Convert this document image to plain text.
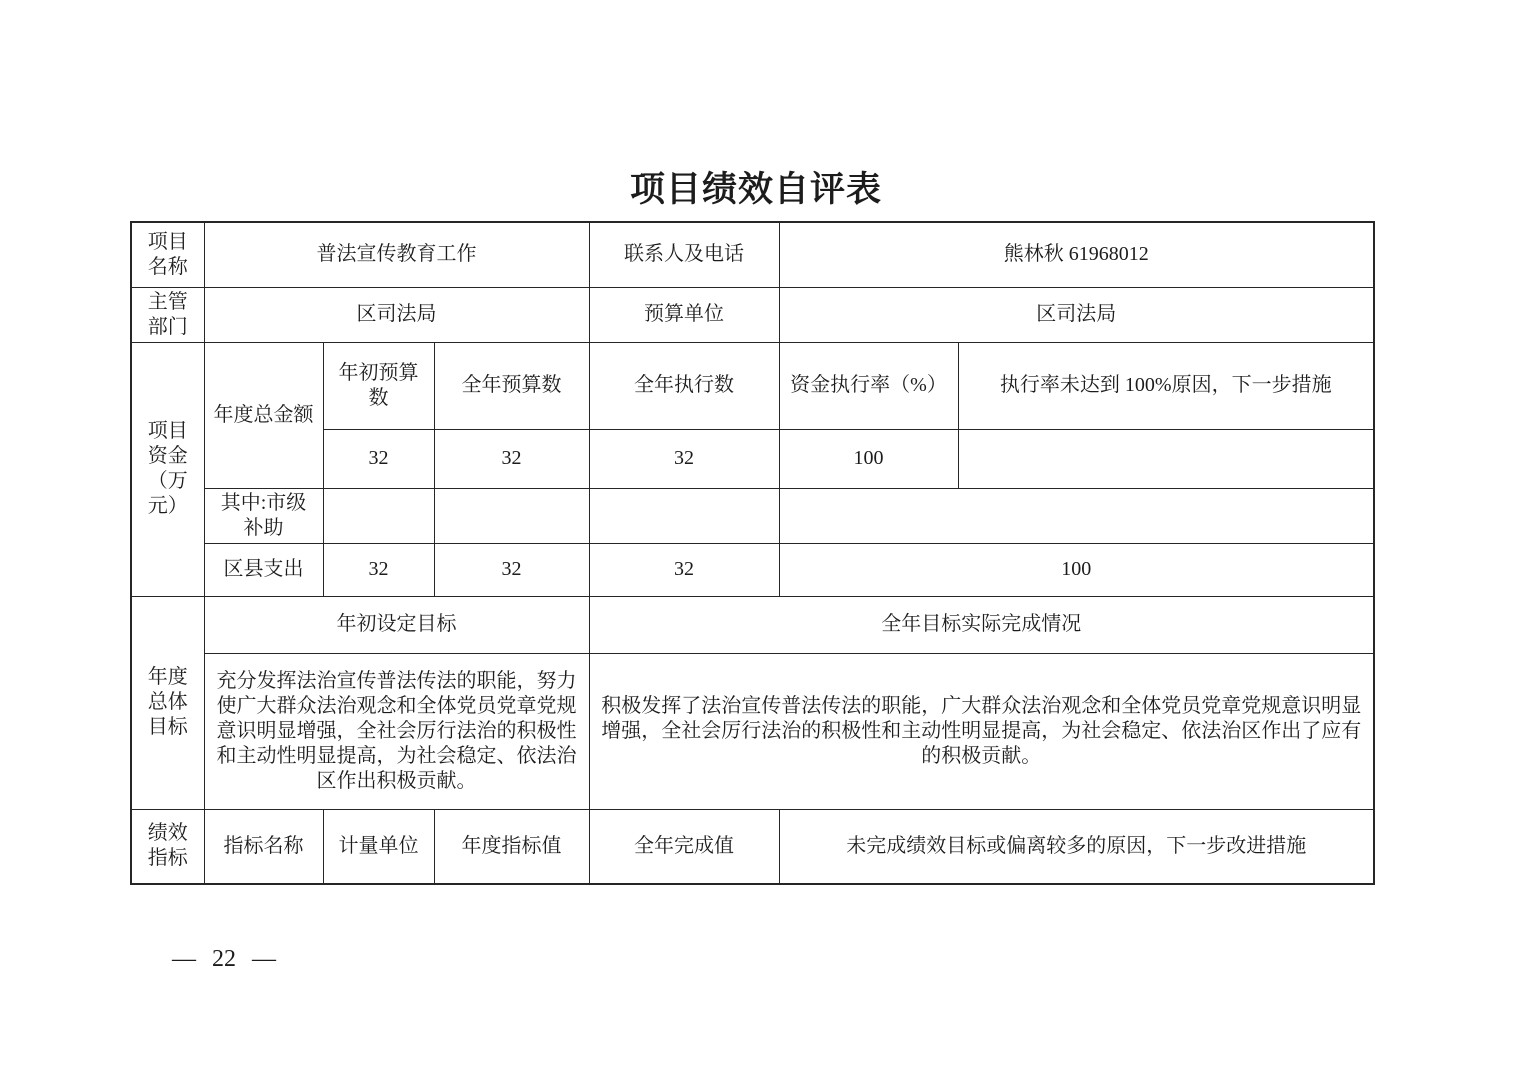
项目绩效自评表
项目名称	普法宣传教育工作			联系人及电话	熊林秋 61968012	
主管部门	区司法局			预算单位	区司法局	
项目资金（万元）	年度总金额	年初预算数	全年预算数	全年执行数	资金执行率（%）	执行率未达到 100%原因，下一步措施
		32	32	32	100	
	其中:市级补助					
	区县支出	32	32	32	100	
年度总体目标	年初设定目标			全年目标实际完成情况		
	充分发挥法治宣传普法传法的职能，努力使广大群众法治观念和全体党员党章党规意识明显增强，全社会厉行法治的积极性和主动性明显提高，为社会稳定、依法治区作出积极贡献。			积极发挥了法治宣传普法传法的职能，广大群众法治观念和全体党员党章党规意识明显增强，全社会厉行法治的积极性和主动性明显提高，为社会稳定、依法治区作出了应有的积极贡献。		
绩效指标	指标名称	计量单位	年度指标值	全年完成值	未完成绩效目标或偏离较多的原因，下一步改进措施	
— 22 —
